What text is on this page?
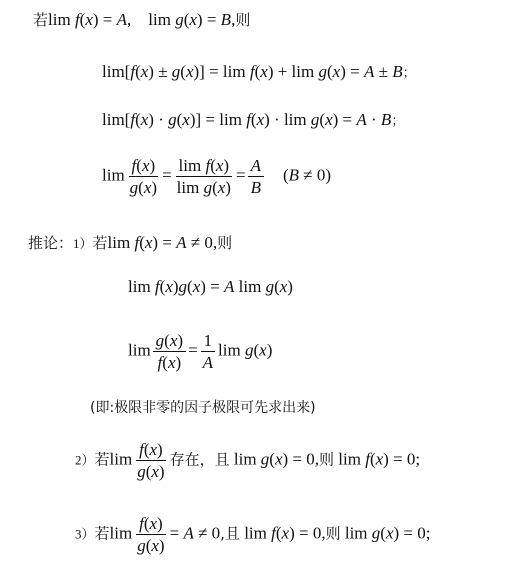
若lim f(x) = A,    lim g(x) = B,则
lim[f(x) ± g(x)] = lim f(x) + lim g(x) = A ± B；
lim[f(x) · g(x)] = lim f(x) · lim g(x) = A · B；
$\lim \frac{f(x)}{g(x)} = \frac{\text{lim f(x)}}{\text{lim g(x)}} = \frac{A}{B} (B \ne 0)$
推论：1）若lim f(x) = A ≠ 0,则
lim f(x)g(x) = A lim g(x)
$\lim \frac{g(x)}{f(x)} = \frac{1}{A}$ lim g(x)
(即:极限非零的因子极限可先求出来)
2）若$\lim \frac{f(x)}{g(x)}$ 存在，且 lim g(x) = 0,则 lim f(x) = 0;
3）若$\lim \frac{f(x)}{g(x)} = A \ne 0$,且 lim f(x) = 0,则 lim g(x) = 0;
